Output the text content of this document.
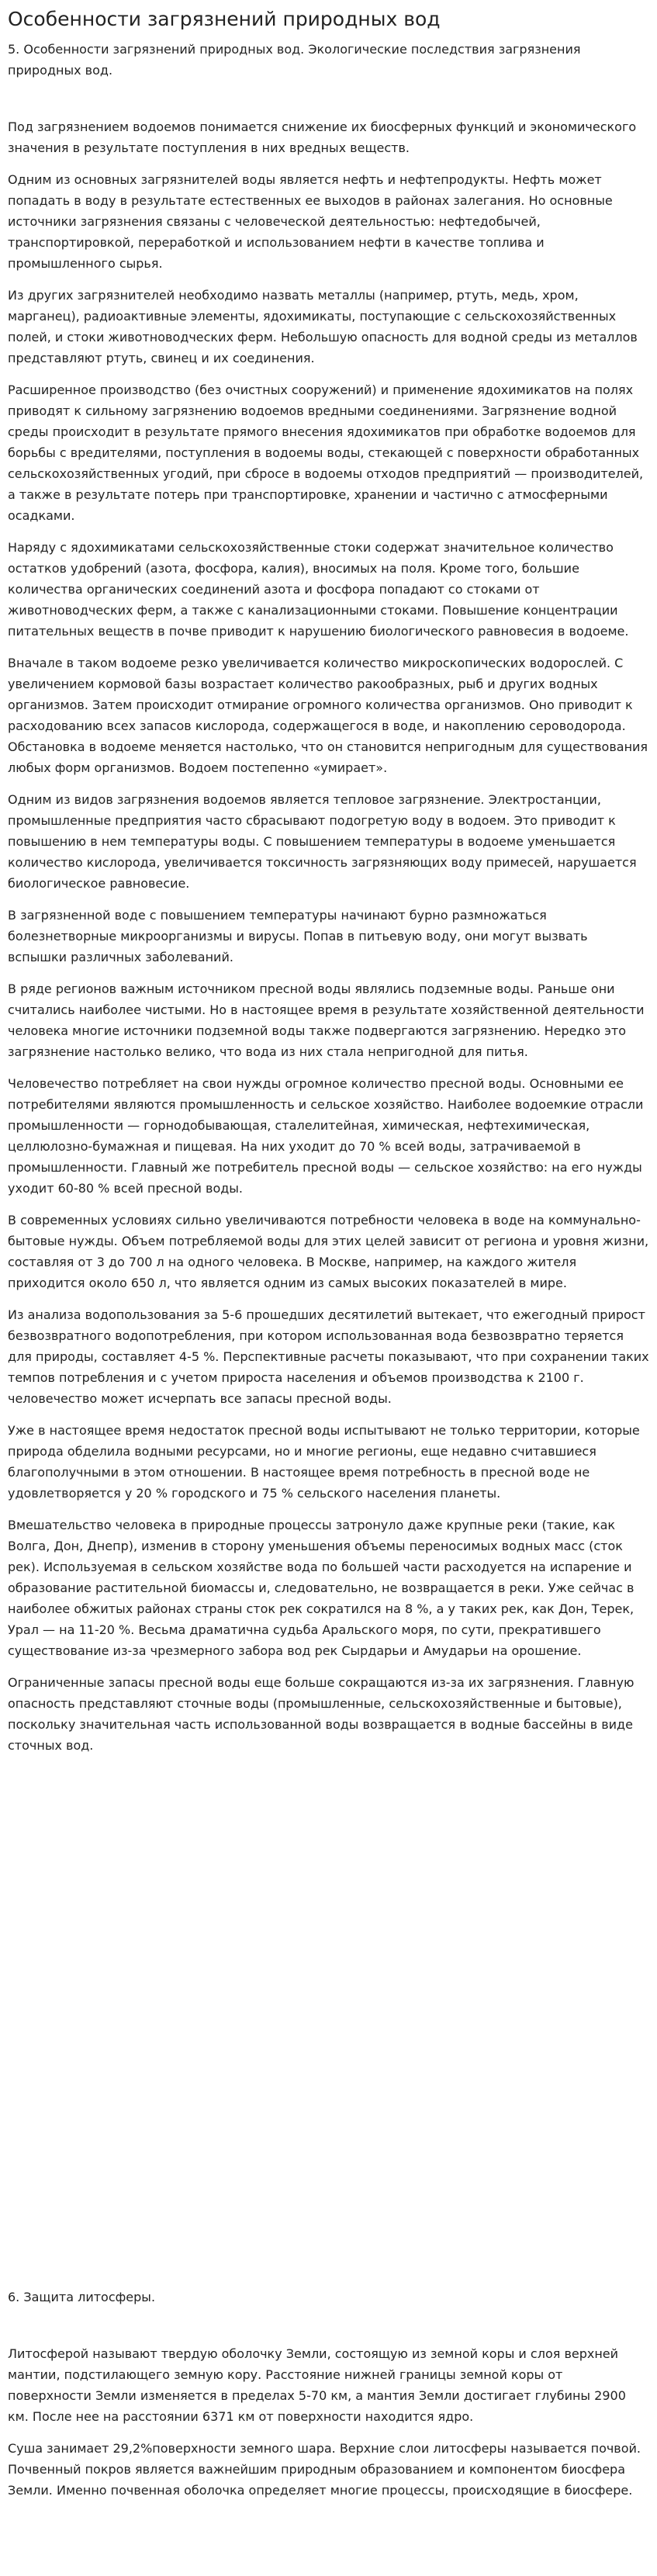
Особенности загрязнений природных вод
5. Особенности загрязнений природных вод. Экологические последствия загрязнения природных вод.

Под загрязнением водоемов понимается снижение их биосферных функций и экономического значения в результате поступления в них вредных веществ.

Одним из основных загрязнителей воды является нефть и нефтепродукты. Нефть может попадать в воду в результате естественных ее выходов в районах залегания. Но основные источники загрязнения связаны с человеческой деятельностью: нефтедобычей, транспортировкой, переработкой и использованием нефти в качестве топлива и промышленного сырья.

Из других загрязнителей необходимо назвать металлы (например, ртуть, медь, хром, марганец), радиоактивные элементы, ядохимикаты, поступающие с сельскохозяйственных полей, и стоки животноводческих ферм. Небольшую опасность для водной среды из металлов представляют ртуть, свинец и их соединения.

Расширенное производство (без очистных сооружений) и применение ядохимикатов на полях приводят к сильному загрязнению водоемов вредными соединениями. Загрязнение водной среды происходит в результате прямого внесения ядохимикатов при обработке водоемов для борьбы с вредителями, поступления в водоемы воды, стекающей с поверхности обработанных сельскохозяйственных угодий, при сбросе в водоемы отходов предприятий — производителей, а также в результате потерь при транспортировке, хранении и частично с атмосферными осадками.

Наряду с ядохимикатами сельскохозяйственные стоки содержат значительное количество остатков удобрений (азота, фосфора, калия), вносимых на поля. Кроме того, большие количества органических соединений азота и фосфора попадают со стоками от животноводческих ферм, а также с канализационными стоками. Повышение концентрации питательных веществ в почве приводит к нарушению биологического равновесия в водоеме.

Вначале в таком водоеме резко увеличивается количество микроскопических водорослей. С увеличением кормовой базы возрастает количество ракообразных, рыб и других водных организмов. Затем происходит отмирание огромного количества организмов. Оно приводит к расходованию всех запасов кислорода, содержащегося в воде, и накоплению сероводорода. Обстановка в водоеме меняется настолько, что он становится непригодным для существования любых форм организмов. Водоем постепенно «умирает».

Одним из видов загрязнения водоемов является тепловое загрязнение. Электростанции, промышленные предприятия часто сбрасывают подогретую воду в водоем. Это приводит к повышению в нем температуры воды. С повышением температуры в водоеме уменьшается количество кислорода, увеличивается токсичность загрязняющих воду примесей, нарушается биологическое равновесие.

В загрязненной воде с повышением температуры начинают бурно размножаться болезнетворные микроорганизмы и вирусы. Попав в питьевую воду, они могут вызвать вспышки различных заболеваний.

В ряде регионов важным источником пресной воды являлись подземные воды. Раньше они считались наиболее чистыми. Но в настоящее время в результате хозяйственной деятельности человека многие источники подземной воды также подвергаются загрязнению. Нередко это загрязнение настолько велико, что вода из них стала непригодной для питья.

Человечество потребляет на свои нужды огромное количество пресной воды. Основными ее потребителями являются промышленность и сельское хозяйство. Наиболее водоемкие отрасли промышленности — горнодобывающая, сталелитейная, химическая, нефтехимическая, целлюлозно-бумажная и пищевая. На них уходит до 70 % всей воды, затрачиваемой в промышленности. Главный же потребитель пресной воды — сельское хозяйство: на его нужды уходит 60-80 % всей пресной воды.

В современных условиях сильно увеличиваются потребности человека в воде на коммунально-бытовые нужды. Объем потребляемой воды для этих целей зависит от региона и уровня жизни, составляя от 3 до 700 л на одного человека. В Москве, например, на каждого жителя приходится около 650 л, что является одним из самых высоких показателей в мире.

Из анализа водопользования за 5-6 прошедших десятилетий вытекает, что ежегодный прирост безвозвратного водопотребления, при котором использованная вода безвозвратно теряется для природы, составляет 4-5 %. Перспективные расчеты показывают, что при сохранении таких темпов потребления и с учетом прироста населения и объемов производства к 2100 г. человечество может исчерпать все запасы пресной воды.

Уже в настоящее время недостаток пресной воды испытывают не только территории, которые природа обделила водными ресурсами, но и многие регионы, еще недавно считавшиеся благополучными в этом отношении. В настоящее время потребность в пресной воде не удовлетворяется у 20 % городского и 75 % сельского населения планеты.

Вмешательство человека в природные процессы затронуло даже крупные реки (такие, как Волга, Дон, Днепр), изменив в сторону уменьшения объемы переносимых водных масс (сток рек). Используемая в сельском хозяйстве вода по большей части расходуется на испарение и образование растительной биомассы и, следовательно, не возвращается в реки. Уже сейчас в наиболее обжитых районах страны сток рек сократился на 8 %, а у таких рек, как Дон, Терек, Урал — на 11-20 %. Весьма драматична судьба Аральского моря, по сути, прекратившего существование из-за чрезмерного забора вод рек Сырдарьи и Амударьи на орошение.

Ограниченные запасы пресной воды еще больше сокращаются из-за их загрязнения. Главную опасность представляют сточные воды (промышленные, сельскохозяйственные и бытовые), поскольку значительная часть использованной воды возвращается в водные бассейны в виде сточных вод.

6. Защита литосферы.

Литосферой называют твердую оболочку Земли, состоящую из земной коры и слоя верхней мантии, подстилающего земную кору. Расстояние нижней границы земной коры от поверхности Земли изменяется в пределах 5-70 км, а мантия Земли достигает глубины 2900 км. После нее на расстоянии 6371 км от поверхности находится ядро.

Суша занимает 29,2%поверхности земного шара. Верхние слои литосферы называется почвой. Почвенный покров является важнейшим природным образованием и компонентом биосфера Земли. Именно почвенная оболочка определяет многие процессы, происходящие в биосфере.
